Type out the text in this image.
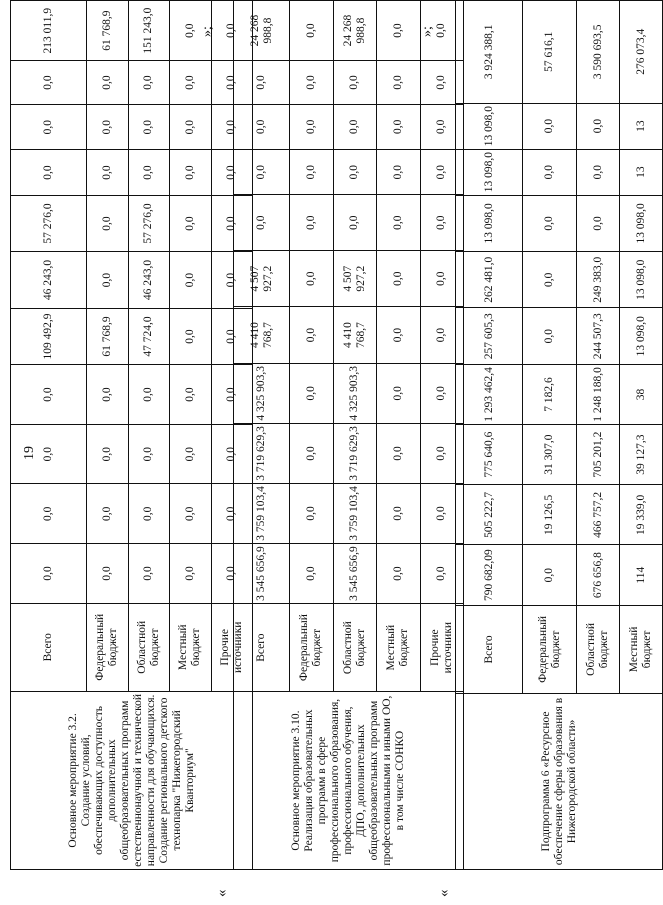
19
Основное мероприятие 3.2. Создание условий, обеспечивающих доступность дополнительных общеобразовательных программ естественнонаучной и технической направленности для обучающихся. Создание регионального детского технопарка "Нижегородский Кванториум"	Всего	0,0	0,0	0,0	0,0	109 492,9	46 243,0	57 276,0	0,0	0,0	0,0	213 011,9
	Федеральный бюджет	0,0	0,0	0,0	0,0	61 768,9	0,0	0,0	0,0	0,0	0,0	61 768,9
	Областной бюджет	0,0	0,0	0,0	0,0	47 724,0	46 243,0	57 276,0	0,0	0,0	0,0	151 243,0
	Местный бюджет	0,0	0,0	0,0	0,0	0,0	0,0	0,0	0,0	0,0	0,0	0,0
	Прочие источники	0,0	0,0	0,0	0,0	0,0	0,0	0,0	0,0	0,0	0,0	0,0
»;
«
Основное мероприятие 3.10. Реализация образовательных программ в сфере профессионального образования, профессионального обучения, ДПО, дополнительных общеобразовательных программ профессиональными и иными ОО, в том числе СОНКО	Всего	3 545 656,9	3 759 103,4	3 719 629,3	4 325 903,3	4 410 768,7	4 507 927,2	0,0	0,0	0,0	0,0	24 268 988,8
	Федеральный бюджет	0,0	0,0	0,0	0,0	0,0	0,0	0,0	0,0	0,0	0,0	0,0
	Областной бюджет	3 545 656,9	3 759 103,4	3 719 629,3	4 325 903,3	4 410 768,7	4 507 927,2	0,0	0,0	0,0	0,0	24 268 988,8
	Местный бюджет	0,0	0,0	0,0	0,0	0,0	0,0	0,0	0,0	0,0	0,0	0,0
	Прочие источники	0,0	0,0	0,0	0,0	0,0	0,0	0,0	0,0	0,0	0,0	0,0
»;
«
Подпрограмма 6 «Ресурсное обеспечение сферы образования в Нижегородской области»	Всего	790 682,09	505 222,7	775 640,6	1 293 462,4	257 605,3	262 481,0	13 098,0	13 098,0	13 098,0	3 924 388,1
	Федеральный бюджет	0,0	19 126,5	31 307,0	7 182,6	0,0	0,0	0,0	0,0	0,0	57 616,1
	Областной бюджет	676 656,8	466 757,2	705 201,2	1 248 188,0	244 507,3	249 383,0	0,0	0,0	0,0	3 590 693,5
	Местный бюджет	114	19 339,0	39 127,3	38	13 098,0	13 098,0	13 098,0	13	13	276 073,4
